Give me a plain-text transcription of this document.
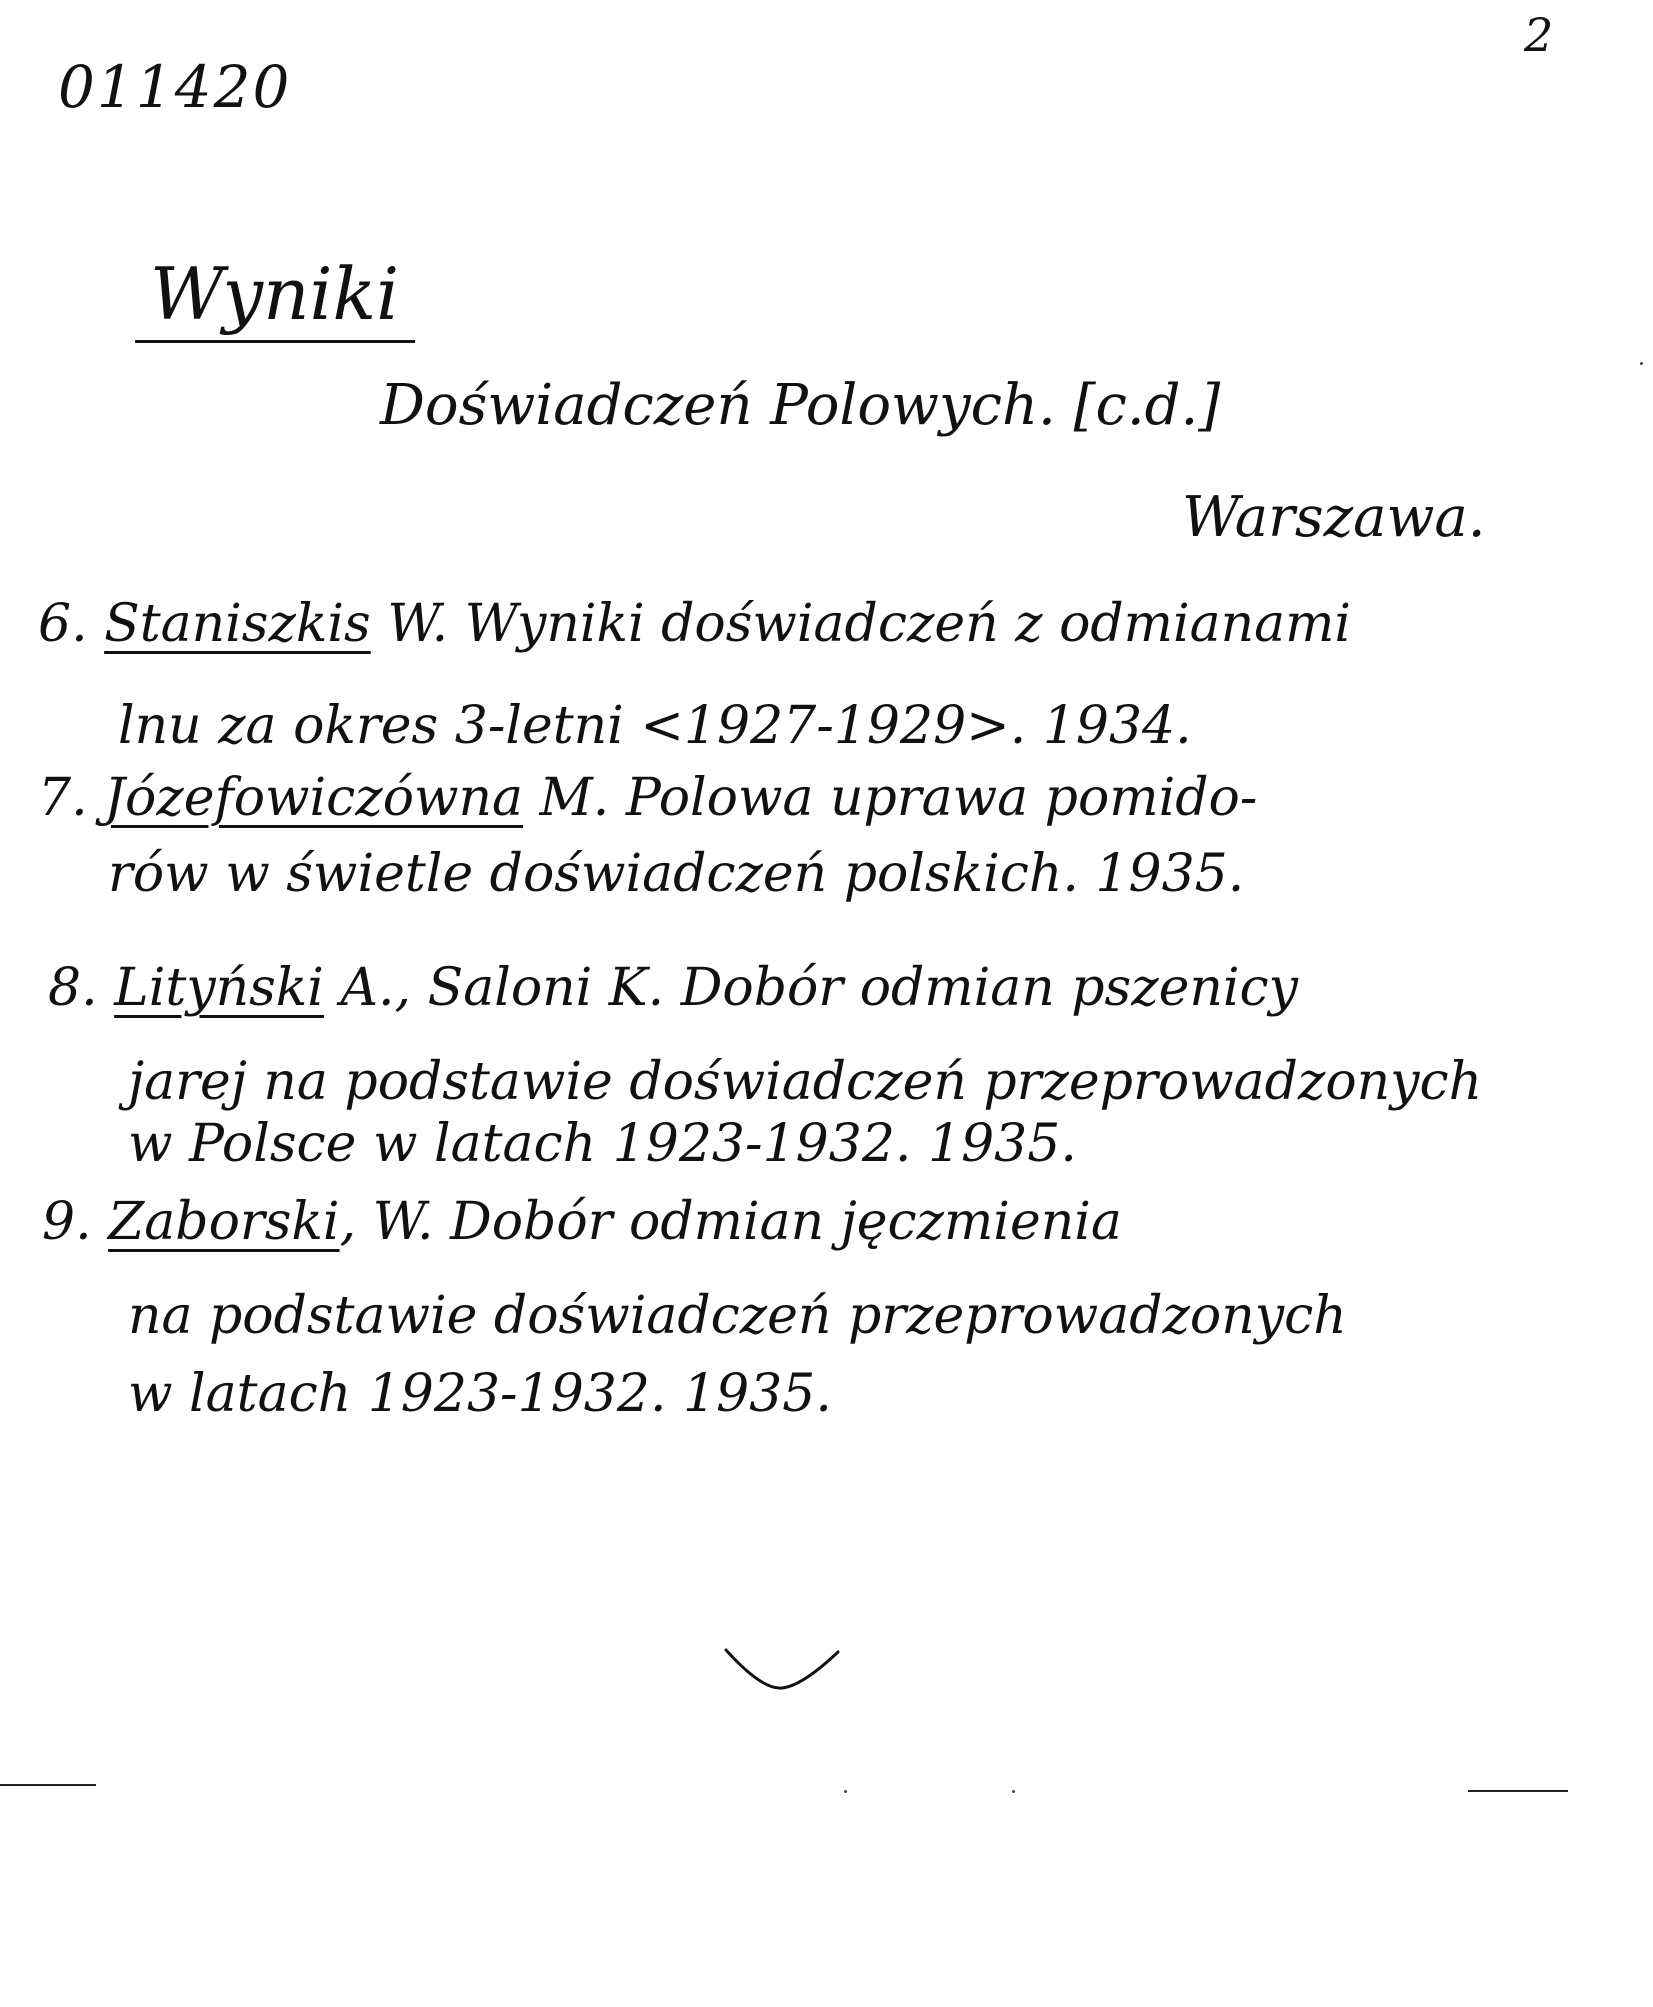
011420
2
Wyniki
Doświadczeń Polowych. [c.d.]
Warszawa.
6. Staniszkis W. Wyniki doświadczeń z odmianami
lnu za okres 3-letni <1927-1929>. 1934.
7. Józefowiczówna M. Polowa uprawa pomido-
rów w świetle doświadczeń polskich. 1935.
8. Lityński A., Saloni K. Dobór odmian pszenicy
jarej na podstawie doświadczeń przeprowadzonych
w Polsce w latach 1923-1932. 1935.
9. Zaborski, W. Dobór odmian jęczmienia
na podstawie doświadczeń przeprowadzonych
w latach 1923-1932. 1935.
